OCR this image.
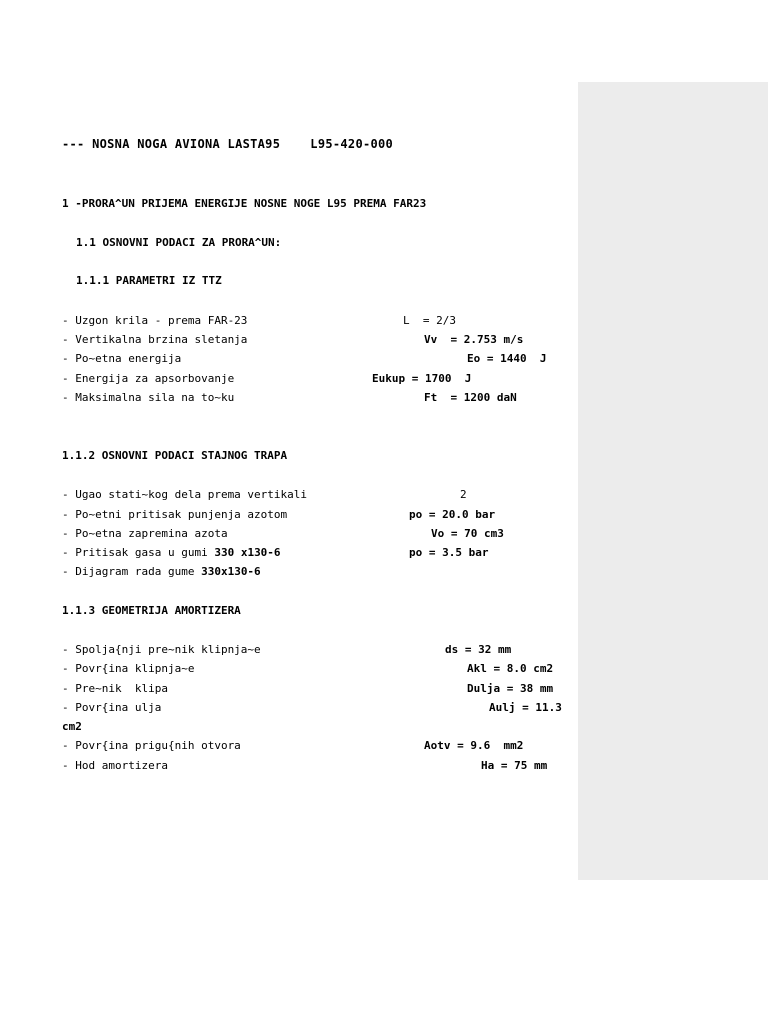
--- NOSNA NOGA AVIONA LASTA95    L95-420-000
1 -PRORA^UN PRIJEMA ENERGIJE NOSNE NOGE L95 PREMA FAR23
1.1 OSNOVNI PODACI ZA PRORA^UN:
1.1.1 PARAMETRI IZ TTZ
- Uzgon krila - prema FAR-23	L  = 2/3
- Vertikalna brzina sletanja	Vv  = 2.753 m/s
- Po~etna energija	Eo = 1440  J
- Energija za apsorbovanje	Eukup = 1700  J
- Maksimalna sila na to~ku	Ft  = 1200 daN
1.1.2 OSNOVNI PODACI STAJNOG TRAPA
- Ugao stati~kog dela prema vertikali	2
- Po~etni pritisak punjenja azotom	po = 20.0 bar
- Po~etna zapremina azota	Vo = 70 cm3
- Pritisak gasa u gumi 330 x130-6	po = 3.5 bar
- Dijagram rada gume 330x130-6
1.1.3 GEOMETRIJA AMORTIZERA
- Spolja{nji pre~nik klipnja~e	ds = 32 mm
- Povr{ina klipnja~e	Akl = 8.0 cm2
- Pre~nik  klipa	Dulja = 38 mm
- Povr{ina ulja	Aulj = 11.3
cm2
- Povr{ina prigu{nih otvora	Aotv = 9.6  mm2
- Hod amortizera	Ha = 75 mm
